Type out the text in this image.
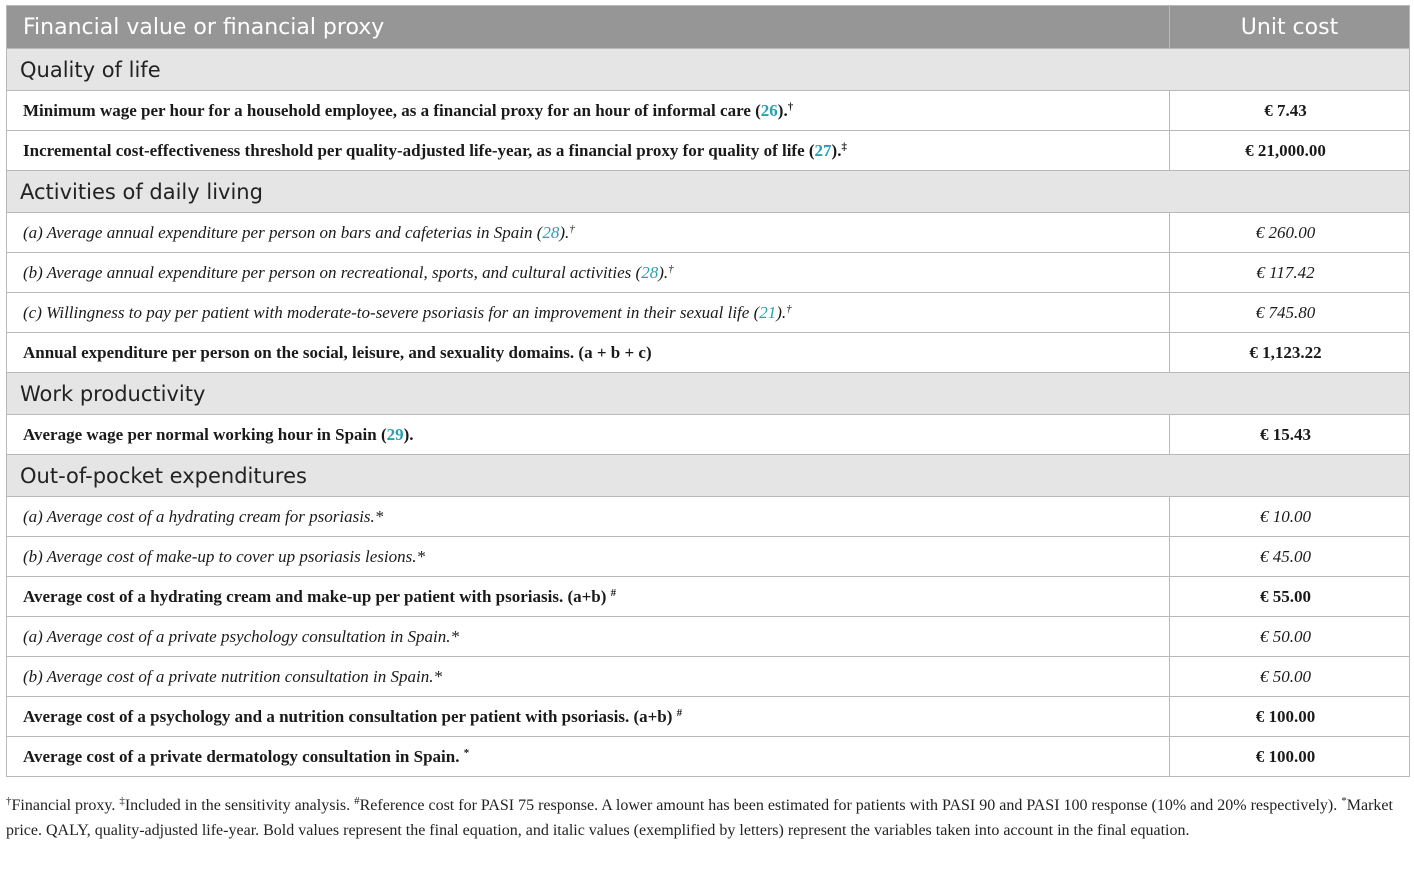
Financial value or financial proxy	Unit cost
Quality of life	
Minimum wage per hour for a household employee, as a financial proxy for an hour of informal care (26).†	€ 7.43
Incremental cost-effectiveness threshold per quality-adjusted life-year, as a financial proxy for quality of life (27).‡	€ 21,000.00
Activities of daily living	
(a) Average annual expenditure per person on bars and cafeterias in Spain (28).†	€ 260.00
(b) Average annual expenditure per person on recreational, sports, and cultural activities (28).†	€ 117.42
(c) Willingness to pay per patient with moderate-to-severe psoriasis for an improvement in their sexual life (21).†	€ 745.80
Annual expenditure per person on the social, leisure, and sexuality domains. (a + b + c)	€ 1,123.22
Work productivity	
Average wage per normal working hour in Spain (29).	€ 15.43
Out-of-pocket expenditures	
(a) Average cost of a hydrating cream for psoriasis.*	€ 10.00
(b) Average cost of make-up to cover up psoriasis lesions.*	€ 45.00
Average cost of a hydrating cream and make-up per patient with psoriasis. (a+b) #	€ 55.00
(a) Average cost of a private psychology consultation in Spain.*	€ 50.00
(b) Average cost of a private nutrition consultation in Spain.*	€ 50.00
Average cost of a psychology and a nutrition consultation per patient with psoriasis. (a+b) #	€ 100.00
Average cost of a private dermatology consultation in Spain. *	€ 100.00
†Financial proxy. ‡Included in the sensitivity analysis. #Reference cost for PASI 75 response. A lower amount has been estimated for patients with PASI 90 and PASI 100 response (10% and 20% respectively). *Market price. QALY, quality-adjusted life-year. Bold values represent the final equation, and italic values (exemplified by letters) represent the variables taken into account in the final equation.
